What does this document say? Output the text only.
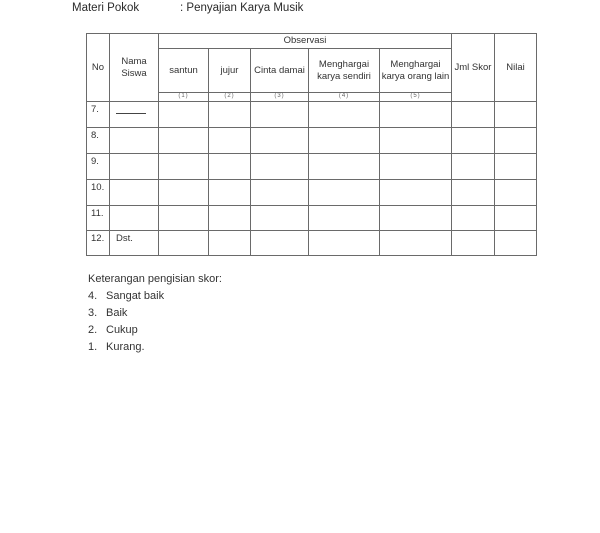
Materi Pokok	: Penyajian Karya Musik
No	Nama Siswa	Observasi					Jml Skor	Nilai
		santun	jujur	Cinta damai	Menghargai karya sendiri	Menghargai karya orang lain		
		(1)	(2)	(3)	(4)	(5)		
7.								
8.								
9.								
10.								
11.								
12.	Dst.							
Keterangan pengisian skor:
4. Sangat baik
3. Baik
2. Cukup
1. Kurang.
